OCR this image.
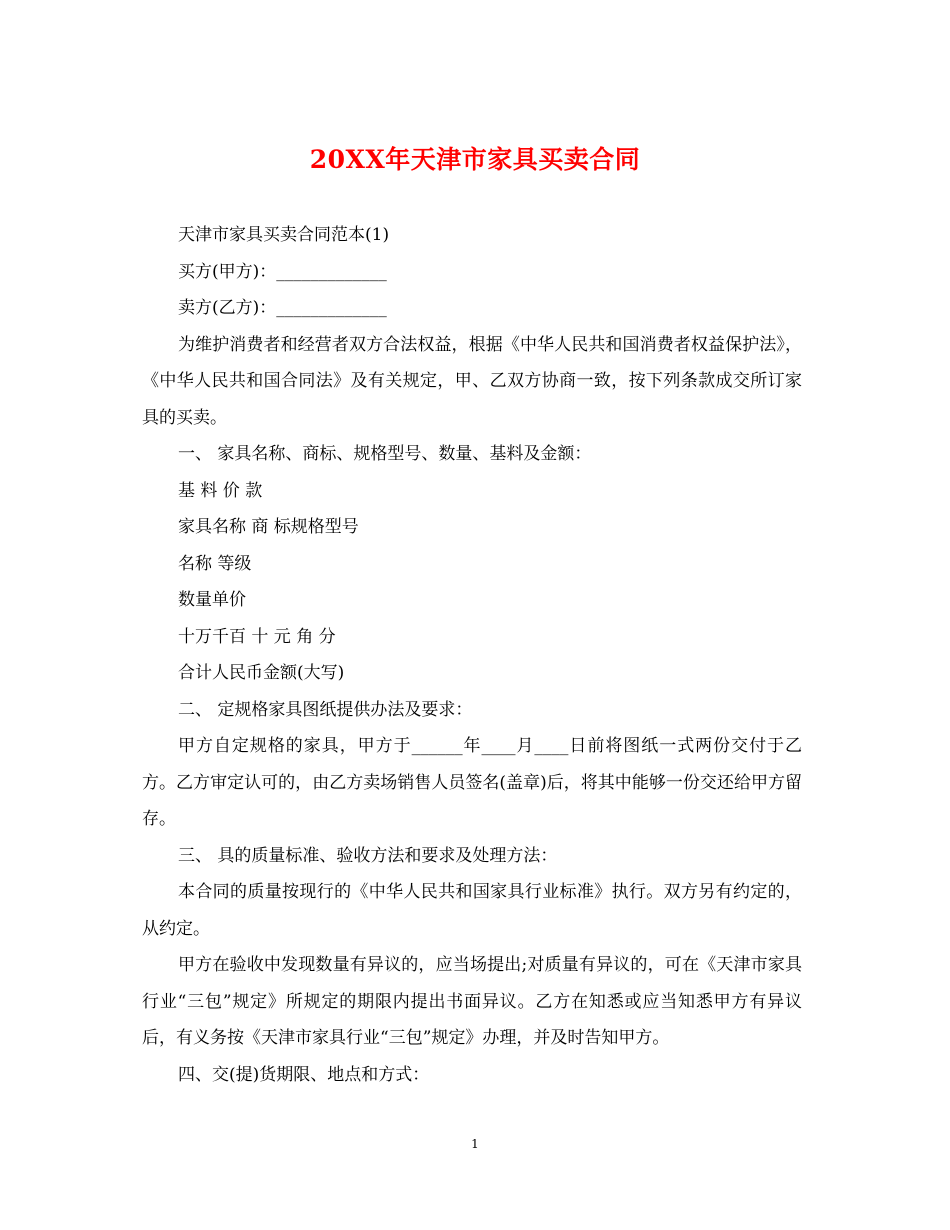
20XX年天津市家具买卖合同

天津市家具买卖合同范本(1)

买方(甲方)：_____________

卖方(乙方)：_____________

为维护消费者和经营者双方合法权益，根据《中华人民共和国消费者权益保护法》，《中华人民共和国合同法》及有关规定，甲、乙双方协商一致，按下列条款成交所订家具的买卖。

一、 家具名称、商标、规格型号、数量、基料及金额：

基 料 价 款

家具名称 商 标规格型号

名称 等级

数量单价

十万千百 十 元 角 分

合计人民币金额(大写)

二、 定规格家具图纸提供办法及要求：

甲方自定规格的家具，甲方于______年____月____日前将图纸一式两份交付于乙方。乙方审定认可的，由乙方卖场销售人员签名(盖章)后，将其中能够一份交还给甲方留存。

三、 具的质量标准、验收方法和要求及处理方法：

本合同的质量按现行的《中华人民共和国家具行业标准》执行。双方另有约定的，从约定。

甲方在验收中发现数量有异议的，应当场提出;对质量有异议的，可在《天津市家具行业“三包”规定》所规定的期限内提出书面异议。乙方在知悉或应当知悉甲方有异议后，有义务按《天津市家具行业“三包”规定》办理，并及时告知甲方。

四、交(提)货期限、地点和方式：

1
